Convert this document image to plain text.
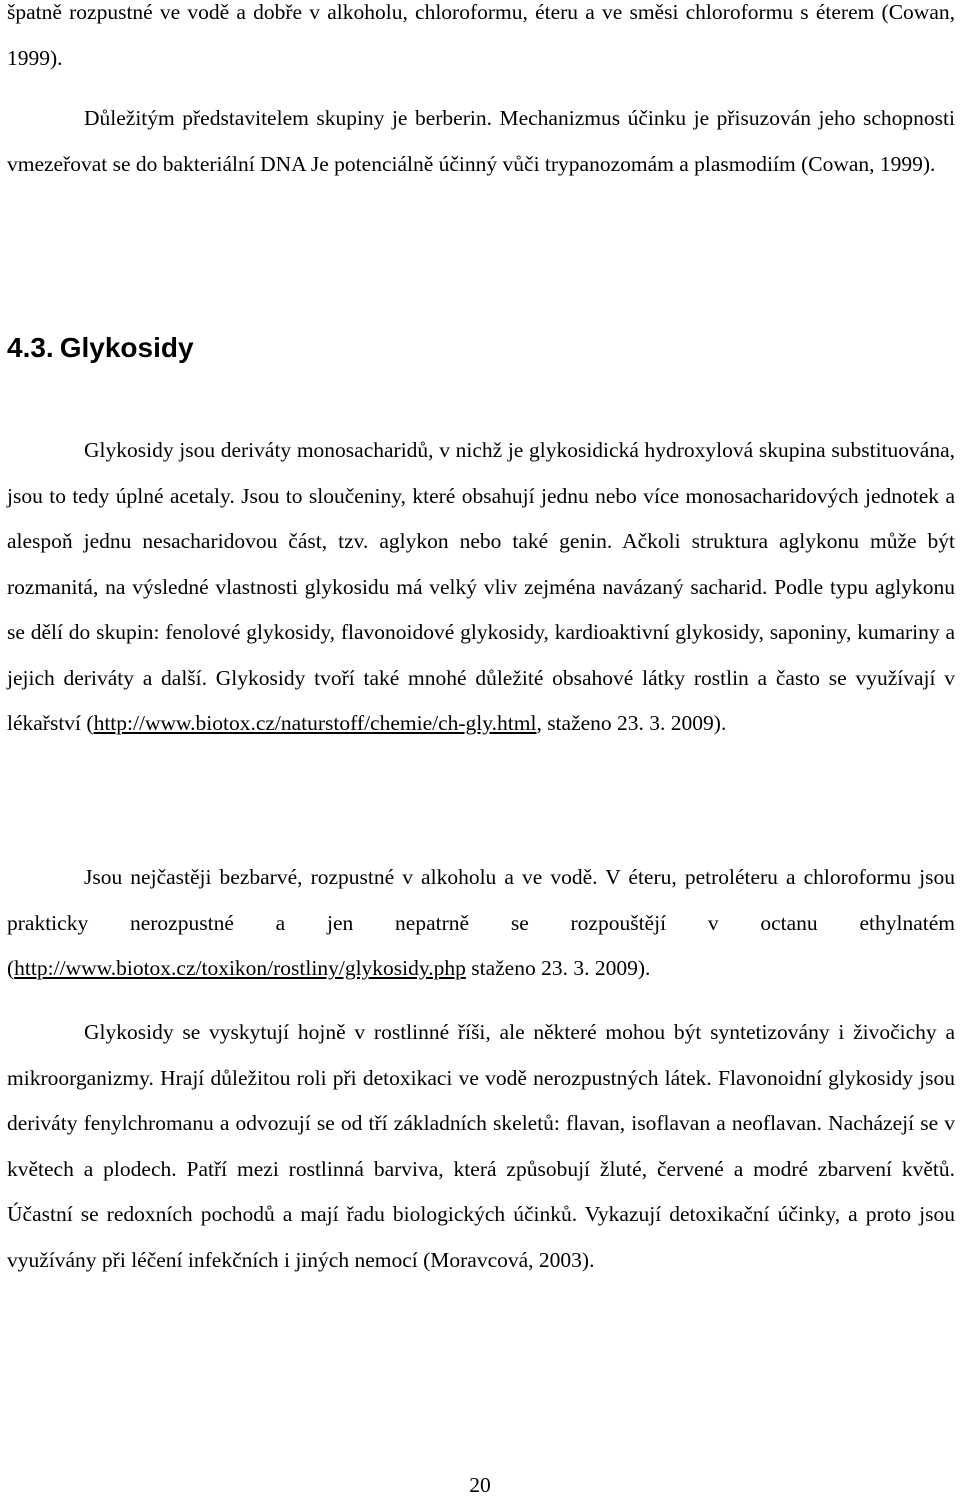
špatně rozpustné ve vodě a dobře v alkoholu, chloroformu, éteru a ve směsi chloroformu s éterem (Cowan, 1999).

Důležitým představitelem skupiny je berberin. Mechanizmus účinku je přisuzován jeho schopnosti vmezeřovat se do bakteriální DNA Je potenciálně účinný vůči trypanozomám a plasmodiím (Cowan, 1999).

4.3. Glykosidy

Glykosidy jsou deriváty monosacharidů, v nichž je glykosidická hydroxylová skupina substituována, jsou to tedy úplné acetaly. Jsou to sloučeniny, které obsahují jednu nebo více monosacharidových jednotek a alespoň jednu nesacharidovou část, tzv. aglykon nebo také genin. Ačkoli struktura aglykonu může být rozmanitá, na výsledné vlastnosti glykosidu má velký vliv zejména navázaný sacharid. Podle typu aglykonu se dělí do skupin: fenolové glykosidy, flavonoidové glykosidy, kardioaktivní glykosidy, saponiny, kumariny a jejich deriváty a další. Glykosidy tvoří také mnohé důležité obsahové látky rostlin a často se využívají v lékařství (http://www.biotox.cz/naturstoff/chemie/ch-gly.html, staženo 23. 3. 2009).

Jsou nejčastěji bezbarvé, rozpustné v alkoholu a ve vodě. V éteru, petroléteru a chloroformu jsou prakticky nerozpustné a jen nepatrně se rozpouštějí v octanu ethylnatém (http://www.biotox.cz/toxikon/rostliny/glykosidy.php staženo 23. 3. 2009).

Glykosidy se vyskytují hojně v rostlinné říši, ale některé mohou být syntetizovány i živočichy a mikroorganizmy. Hrají důležitou roli při detoxikaci ve vodě nerozpustných látek. Flavonoidní glykosidy jsou deriváty fenylchromanu a odvozují se od tří základních skeletů: flavan, isoflavan a neoflavan. Nacházejí se v květech a plodech. Patří mezi rostlinná barviva, která způsobují žluté, červené a modré zbarvení květů. Účastní se redoxních pochodů a mají řadu biologických účinků. Vykazují detoxikační účinky, a proto jsou využívány při léčení infekčních i jiných nemocí (Moravcová, 2003).

20
